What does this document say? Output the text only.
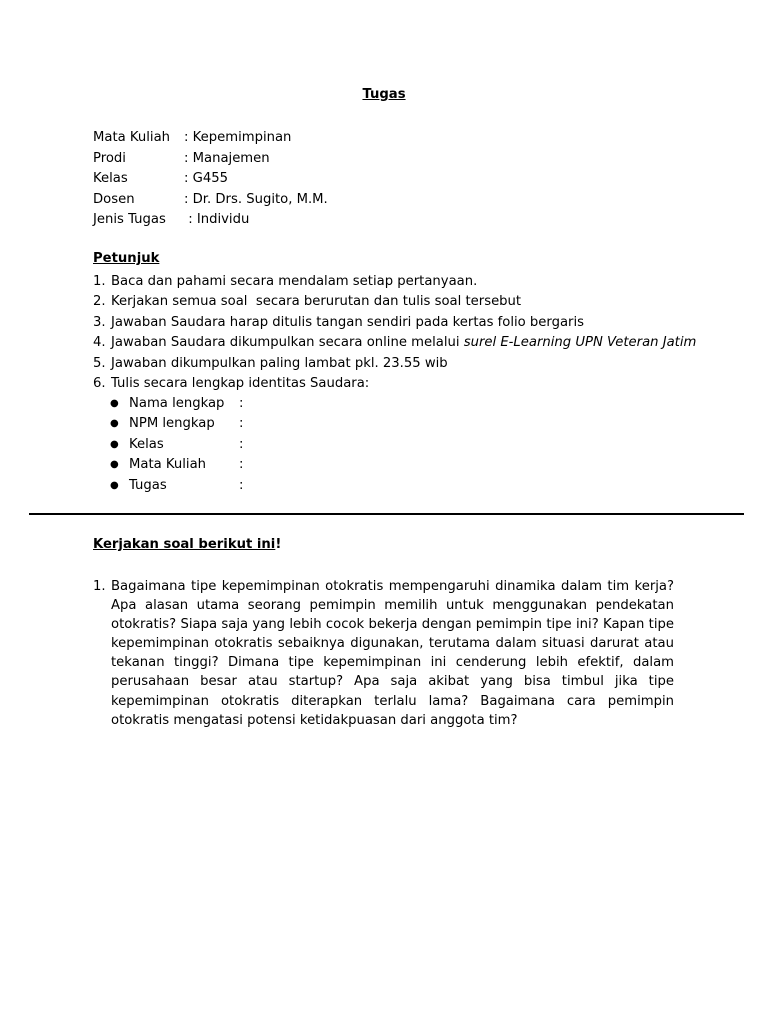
Tugas
Mata Kuliah : Kepemimpinan
Prodi	: Manajemen
Kelas	: G455
Dosen	: Dr. Drs. Sugito, M.M.
Jenis Tugas : Individu
Petunjuk
1. Baca dan pahami secara mendalam setiap pertanyaan.
2. Kerjakan semua soal  secara berurutan dan tulis soal tersebut
3. Jawaban Saudara harap ditulis tangan sendiri pada kertas folio bergaris
4. Jawaban Saudara dikumpulkan secara online melalui surel E-Learning UPN Veteran Jatim
5. Jawaban dikumpulkan paling lambat pkl. 23.55 wib
6. Tulis secara lengkap identitas Saudara:
● Nama lengkap :
● NPM lengkap :
● Kelas	:
● Mata Kuliah :
● Tugas	:
Kerjakan soal berikut ini!
1. Bagaimana tipe kepemimpinan otokratis mempengaruhi dinamika dalam tim kerja? Apa alasan utama seorang pemimpin memilih untuk menggunakan pendekatan otokratis? Siapa saja yang lebih cocok bekerja dengan pemimpin tipe ini? Kapan tipe kepemimpinan otokratis sebaiknya digunakan, terutama dalam situasi darurat atau tekanan tinggi? Dimana tipe kepemimpinan ini cenderung lebih efektif, dalam perusahaan besar atau startup? Apa saja akibat yang bisa timbul jika tipe kepemimpinan otokratis diterapkan terlalu lama? Bagaimana cara pemimpin otokratis mengatasi potensi ketidakpuasan dari anggota tim?
